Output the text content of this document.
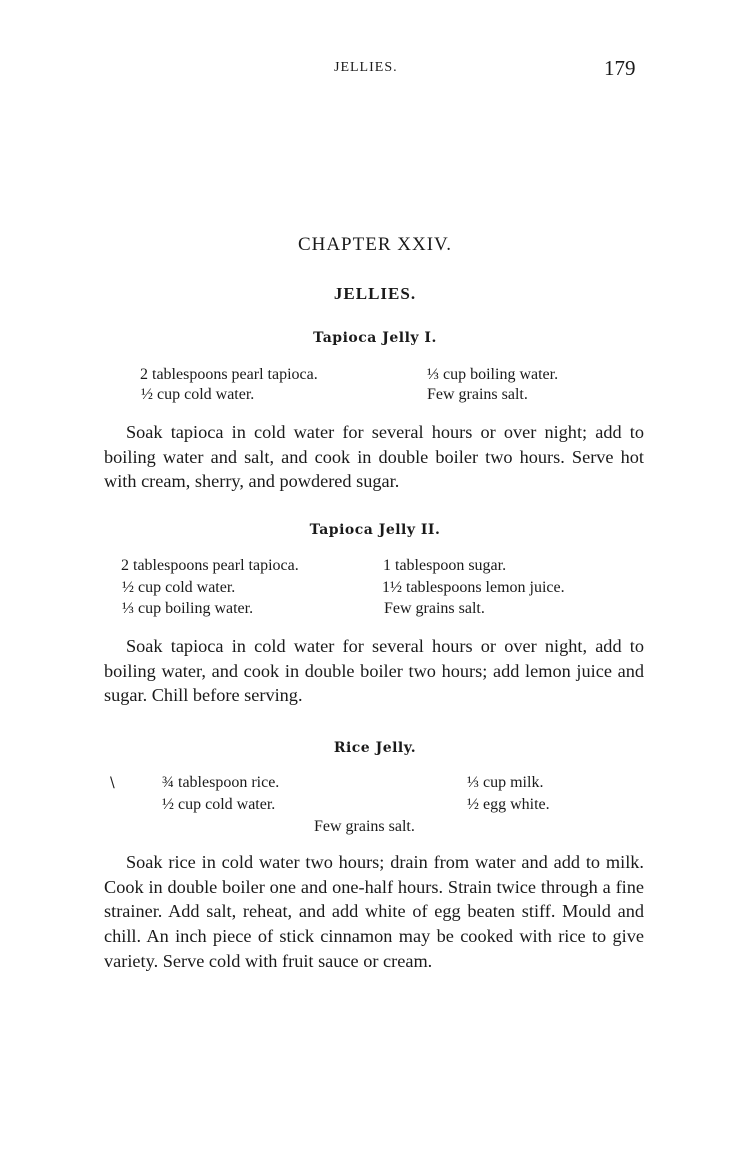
JELLIES.	179
CHAPTER XXIV.
JELLIES.
Tapioca Jelly I.
2 tablespoons pearl tapioca.	⅓ cup boiling water.
½ cup cold water.	Few grains salt.

Soak tapioca in cold water for several hours or over night; add to boiling water and salt, and cook in double boiler two hours. Serve hot with cream, sherry, and powdered sugar.

Tapioca Jelly II.
2 tablespoons pearl tapioca.	1 tablespoon sugar.
½ cup cold water.	1½ tablespoons lemon juice.
⅓ cup boiling water.	Few grains salt.

Soak tapioca in cold water for several hours or over night, add to boiling water, and cook in double boiler two hours; add lemon juice and sugar. Chill before serving.

Rice Jelly.
\	¾ tablespoon rice.	⅓ cup milk.
½ cup cold water.	½ egg white.
Few grains salt.

Soak rice in cold water two hours; drain from water and add to milk. Cook in double boiler one and one-half hours. Strain twice through a fine strainer. Add salt, reheat, and add white of egg beaten stiff. Mould and chill. An inch piece of stick cinnamon may be cooked with rice to give variety. Serve cold with fruit sauce or cream.
